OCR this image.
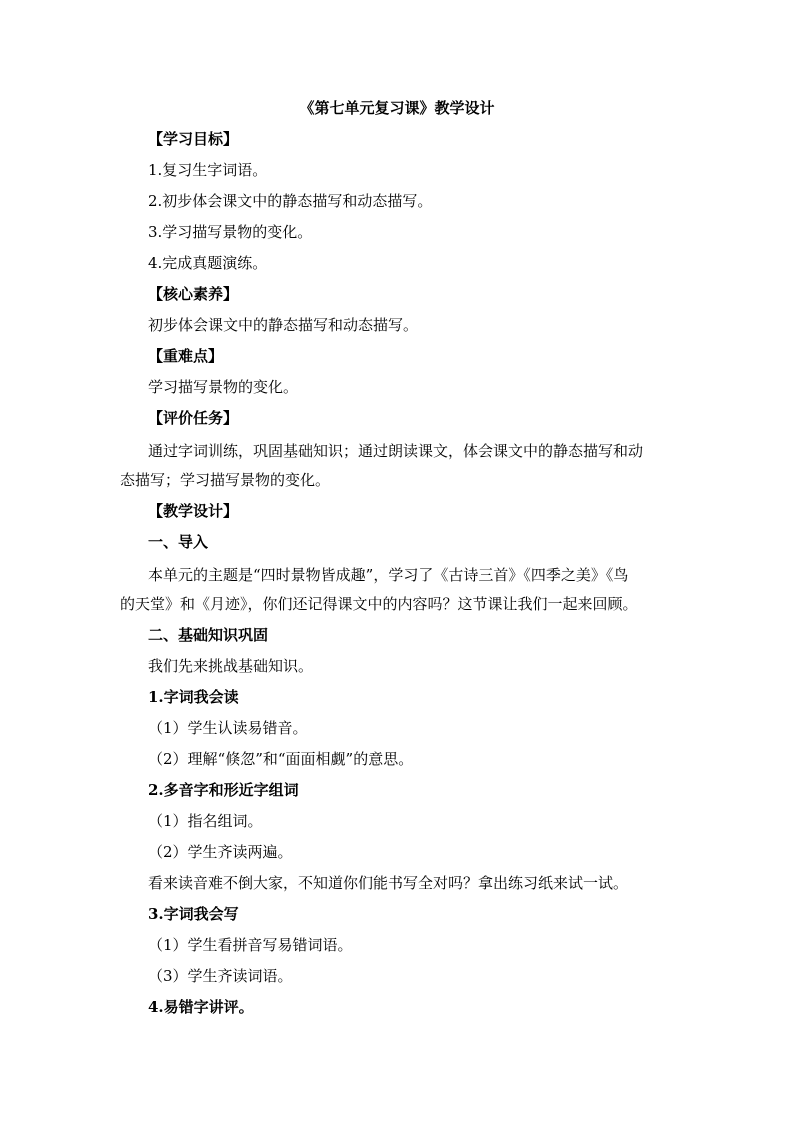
《第七单元复习课》教学设计

【学习目标】

1.复习生字词语。

2.初步体会课文中的静态描写和动态描写。

3.学习描写景物的变化。

4.完成真题演练。

【核心素养】

初步体会课文中的静态描写和动态描写。

【重难点】

学习描写景物的变化。

【评价任务】

通过字词训练，巩固基础知识；通过朗读课文，体会课文中的静态描写和动
态描写；学习描写景物的变化。

【教学设计】

一、导入

本单元的主题是“四时景物皆成趣”，学习了《古诗三首》《四季之美》《鸟
的天堂》和《月迹》，你们还记得课文中的内容吗？这节课让我们一起来回顾。

二、基础知识巩固

我们先来挑战基础知识。

1.字词我会读

（1）学生认读易错音。

（2）理解“倏忽”和“面面相觑”的意思。

2.多音字和形近字组词

（1）指名组词。

（2）学生齐读两遍。

看来读音难不倒大家，不知道你们能书写全对吗？拿出练习纸来试一试。

3.字词我会写

（1）学生看拼音写易错词语。

（3）学生齐读词语。

4.易错字讲评。
